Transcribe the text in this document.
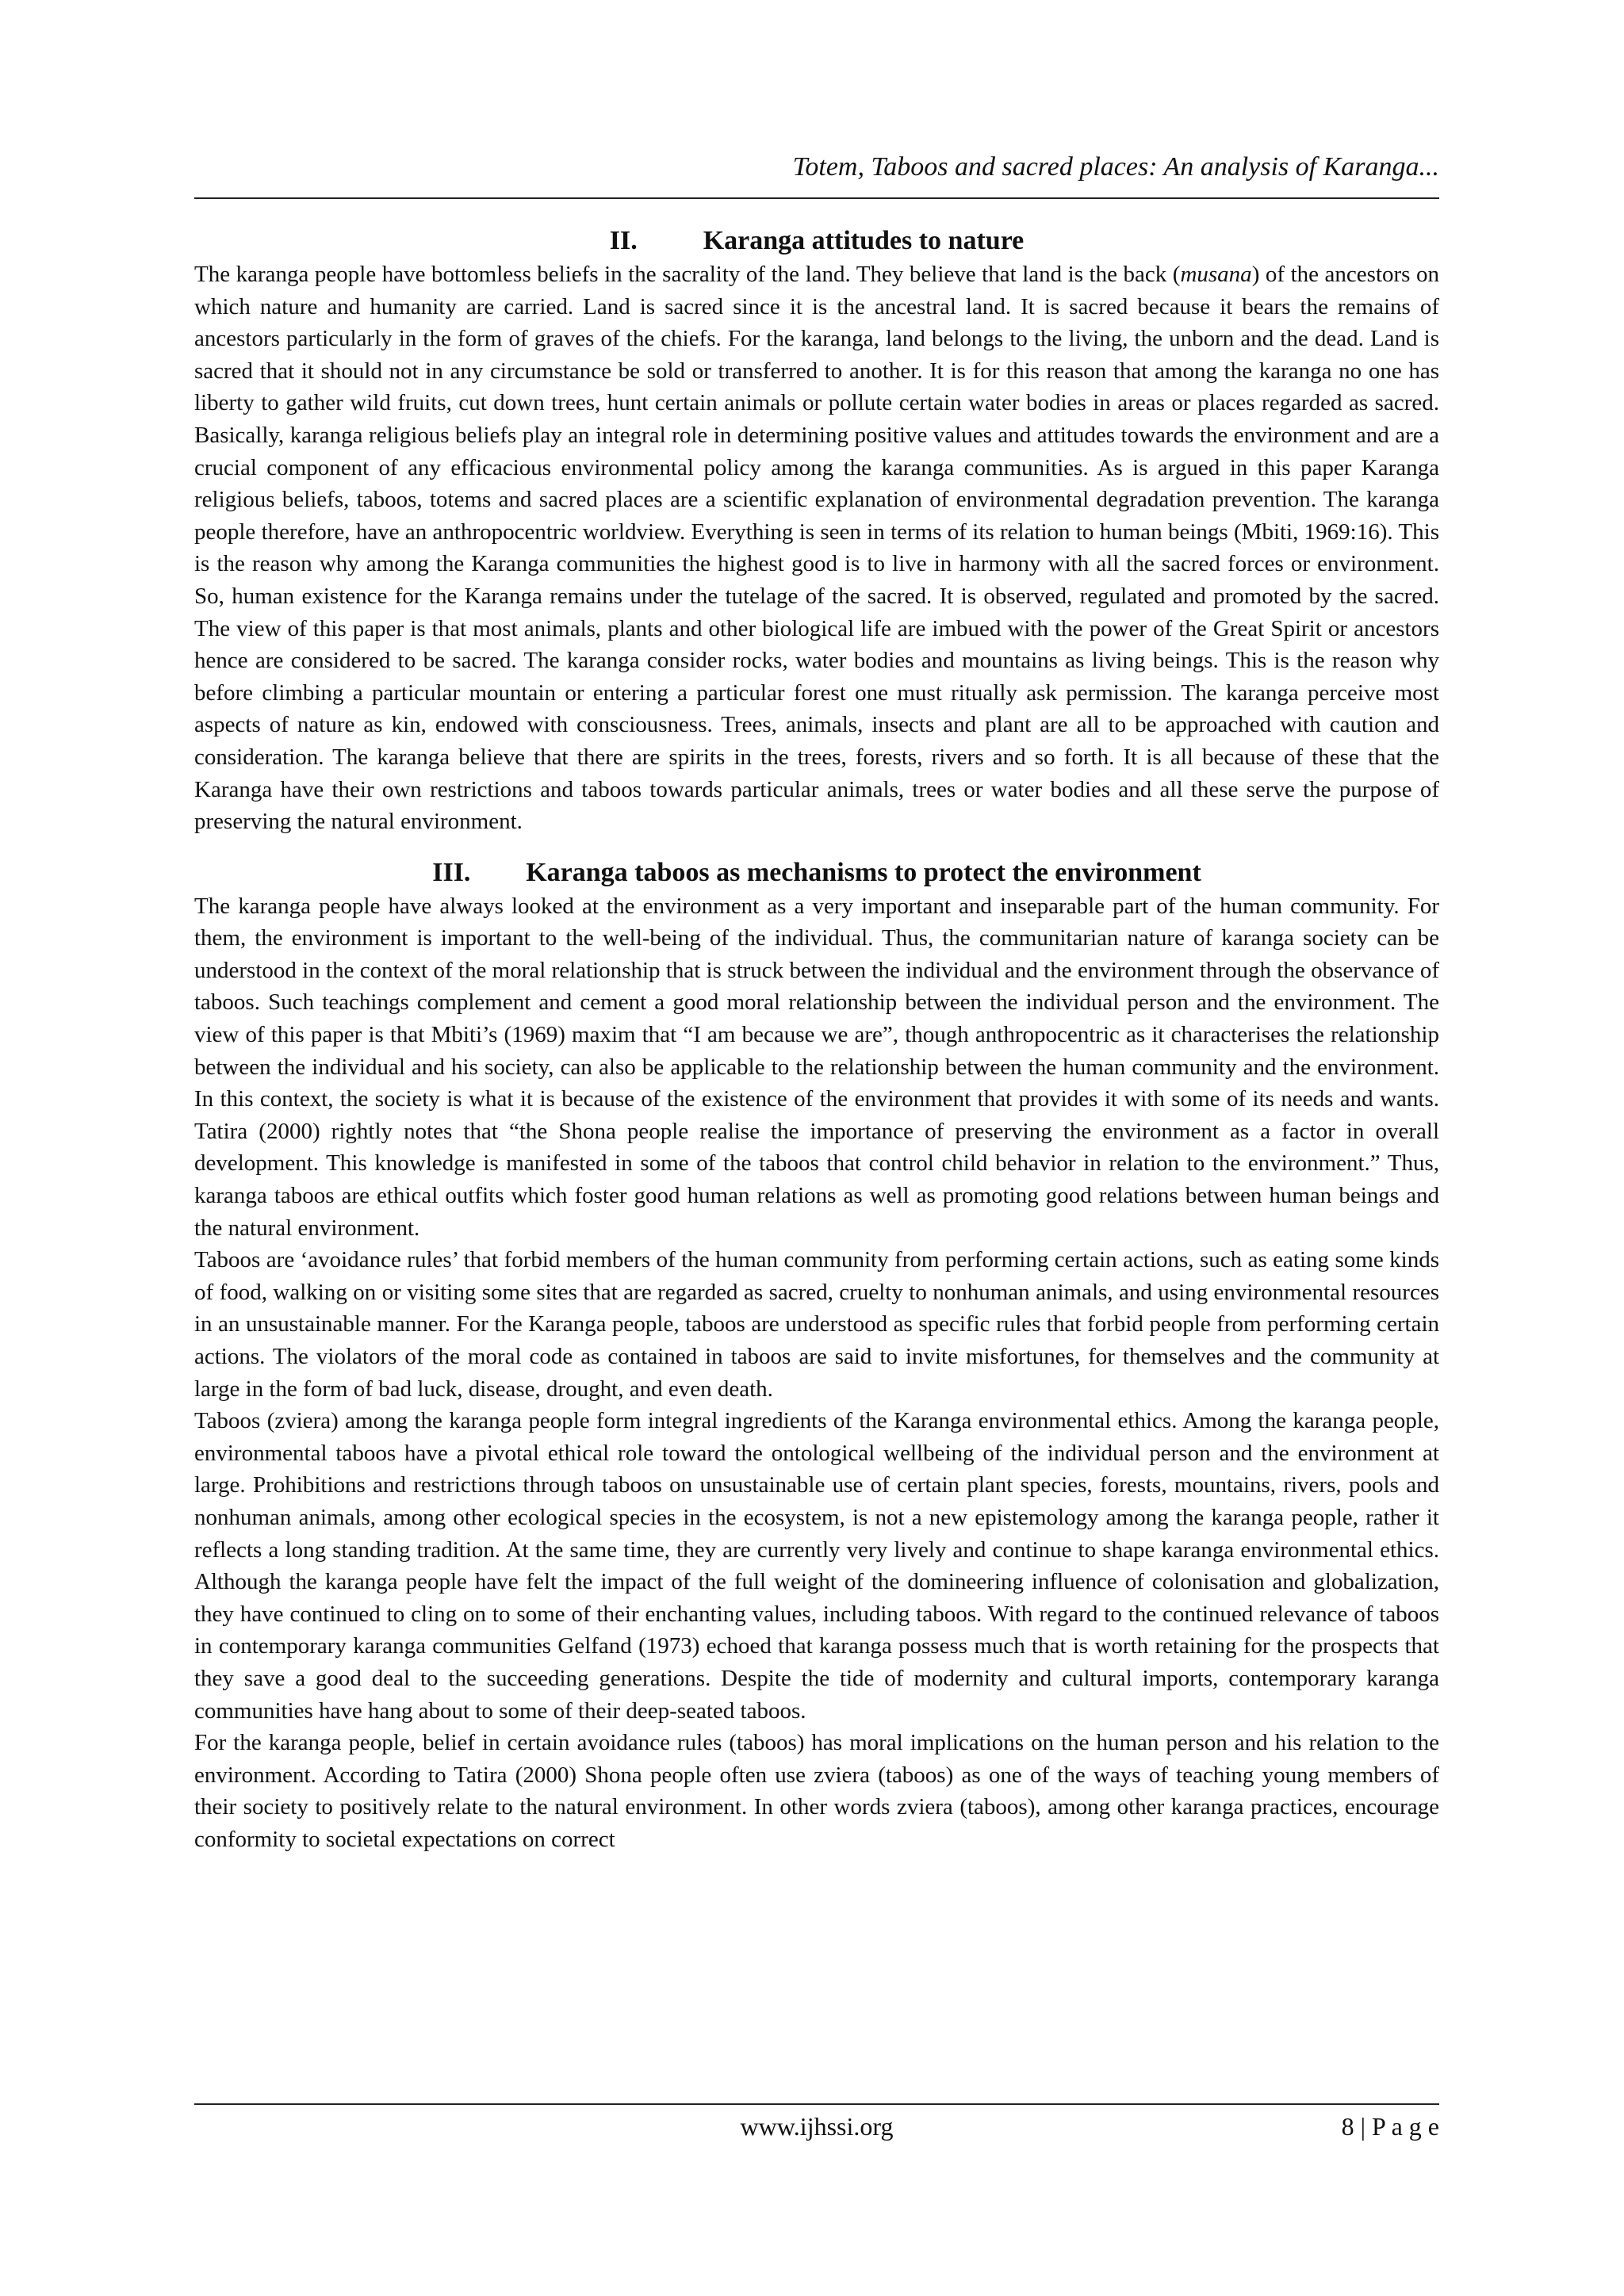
Totem, Taboos and sacred places: An analysis of Karanga...
II. Karanga attitudes to nature

The karanga people have bottomless beliefs in the sacrality of the land. They believe that land is the back (musana) of the ancestors on which nature and humanity are carried. Land is sacred since it is the ancestral land. It is sacred because it bears the remains of ancestors particularly in the form of graves of the chiefs. For the karanga, land belongs to the living, the unborn and the dead. Land is sacred that it should not in any circumstance be sold or transferred to another. It is for this reason that among the karanga no one has liberty to gather wild fruits, cut down trees, hunt certain animals or pollute certain water bodies in areas or places regarded as sacred. Basically, karanga religious beliefs play an integral role in determining positive values and attitudes towards the environment and are a crucial component of any efficacious environmental policy among the karanga communities. As is argued in this paper Karanga religious beliefs, taboos, totems and sacred places are a scientific explanation of environmental degradation prevention. The karanga people therefore, have an anthropocentric worldview. Everything is seen in terms of its relation to human beings (Mbiti, 1969:16). This is the reason why among the Karanga communities the highest good is to live in harmony with all the sacred forces or environment. So, human existence for the Karanga remains under the tutelage of the sacred. It is observed, regulated and promoted by the sacred. The view of this paper is that most animals, plants and other biological life are imbued with the power of the Great Spirit or ancestors hence are considered to be sacred. The karanga consider rocks, water bodies and mountains as living beings. This is the reason why before climbing a particular mountain or entering a particular forest one must ritually ask permission. The karanga perceive most aspects of nature as kin, endowed with consciousness. Trees, animals, insects and plant are all to be approached with caution and consideration. The karanga believe that there are spirits in the trees, forests, rivers and so forth. It is all because of these that the Karanga have their own restrictions and taboos towards particular animals, trees or water bodies and all these serve the purpose of preserving the natural environment.

III. Karanga taboos as mechanisms to protect the environment

The karanga people have always looked at the environment as a very important and inseparable part of the human community. For them, the environment is important to the well-being of the individual. Thus, the communitarian nature of karanga society can be understood in the context of the moral relationship that is struck between the individual and the environment through the observance of taboos. Such teachings complement and cement a good moral relationship between the individual person and the environment. The view of this paper is that Mbiti’s (1969) maxim that “I am because we are”, though anthropocentric as it characterises the relationship between the individual and his society, can also be applicable to the relationship between the human community and the environment. In this context, the society is what it is because of the existence of the environment that provides it with some of its needs and wants. Tatira (2000) rightly notes that “the Shona people realise the importance of preserving the environment as a factor in overall development. This knowledge is manifested in some of the taboos that control child behavior in relation to the environment.” Thus, karanga taboos are ethical outfits which foster good human relations as well as promoting good relations between human beings and the natural environment.

Taboos are ‘avoidance rules’ that forbid members of the human community from performing certain actions, such as eating some kinds of food, walking on or visiting some sites that are regarded as sacred, cruelty to nonhuman animals, and using environmental resources in an unsustainable manner. For the Karanga people, taboos are understood as specific rules that forbid people from performing certain actions. The violators of the moral code as contained in taboos are said to invite misfortunes, for themselves and the community at large in the form of bad luck, disease, drought, and even death.

Taboos (zviera) among the karanga people form integral ingredients of the Karanga environmental ethics. Among the karanga people, environmental taboos have a pivotal ethical role toward the ontological wellbeing of the individual person and the environment at large. Prohibitions and restrictions through taboos on unsustainable use of certain plant species, forests, mountains, rivers, pools and nonhuman animals, among other ecological species in the ecosystem, is not a new epistemology among the karanga people, rather it reflects a long standing tradition. At the same time, they are currently very lively and continue to shape karanga environmental ethics. Although the karanga people have felt the impact of the full weight of the domineering influence of colonisation and globalization, they have continued to cling on to some of their enchanting values, including taboos. With regard to the continued relevance of taboos in contemporary karanga communities Gelfand (1973) echoed that karanga possess much that is worth retaining for the prospects that they save a good deal to the succeeding generations. Despite the tide of modernity and cultural imports, contemporary karanga communities have hang about to some of their deep-seated taboos.

For the karanga people, belief in certain avoidance rules (taboos) has moral implications on the human person and his relation to the environment. According to Tatira (2000) Shona people often use zviera (taboos) as one of the ways of teaching young members of their society to positively relate to the natural environment. In other words zviera (taboos), among other karanga practices, encourage conformity to societal expectations on correct

www.ijhssi.org	8 | P a g e
